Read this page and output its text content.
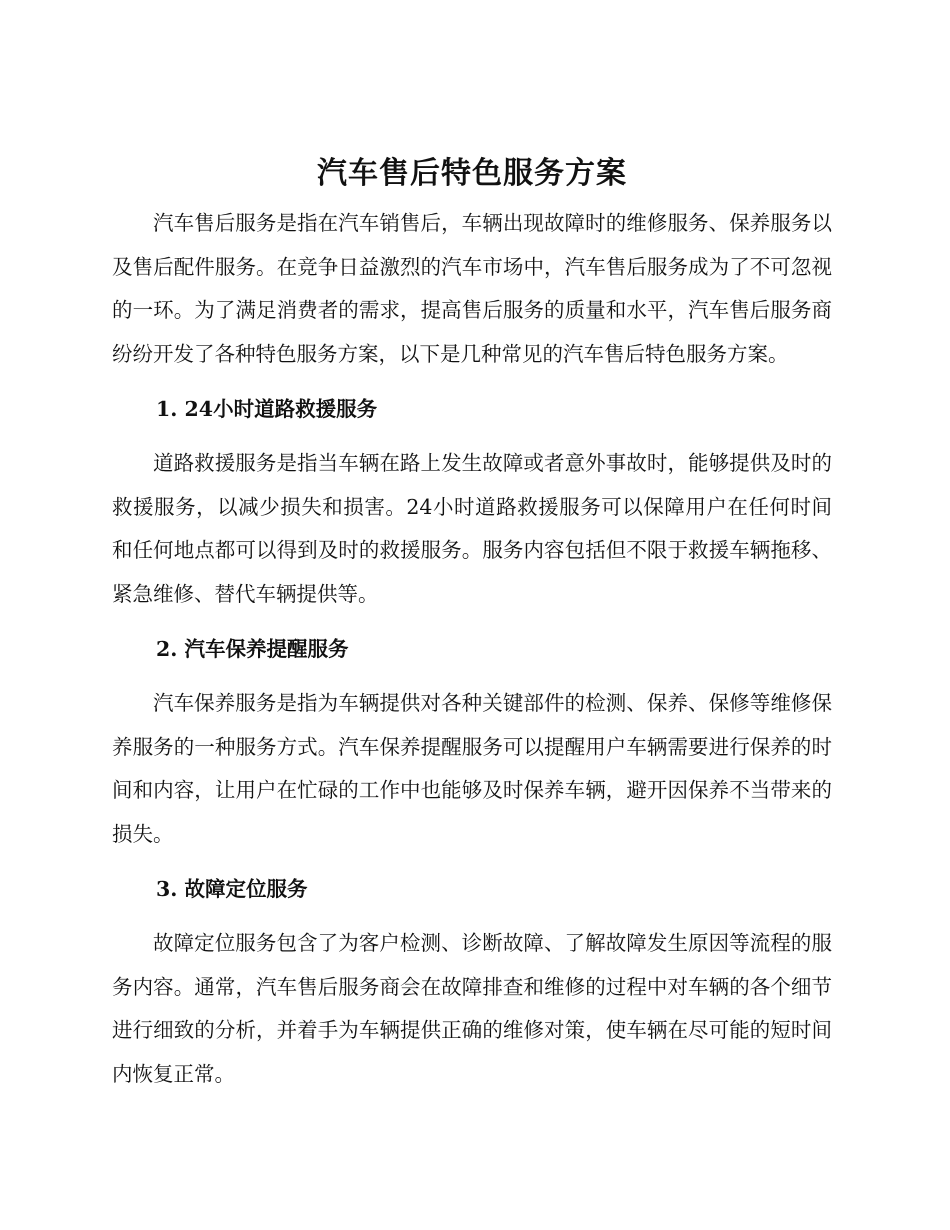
汽车售后特色服务方案

汽车售后服务是指在汽车销售后，车辆出现故障时的维修服务、保养服务以及售后配件服务。在竞争日益激烈的汽车市场中，汽车售后服务成为了不可忽视的一环。为了满足消费者的需求，提高售后服务的质量和水平，汽车售后服务商纷纷开发了各种特色服务方案，以下是几种常见的汽车售后特色服务方案。

1. 24小时道路救援服务

道路救援服务是指当车辆在路上发生故障或者意外事故时，能够提供及时的救援服务，以减少损失和损害。24小时道路救援服务可以保障用户在任何时间和任何地点都可以得到及时的救援服务。服务内容包括但不限于救援车辆拖移、紧急维修、替代车辆提供等。

2. 汽车保养提醒服务

汽车保养服务是指为车辆提供对各种关键部件的检测、保养、保修等维修保养服务的一种服务方式。汽车保养提醒服务可以提醒用户车辆需要进行保养的时间和内容，让用户在忙碌的工作中也能够及时保养车辆，避开因保养不当带来的损失。

3. 故障定位服务

故障定位服务包含了为客户检测、诊断故障、了解故障发生原因等流程的服务内容。通常，汽车售后服务商会在故障排查和维修的过程中对车辆的各个细节进行细致的分析，并着手为车辆提供正确的维修对策，使车辆在尽可能的短时间内恢复正常。
